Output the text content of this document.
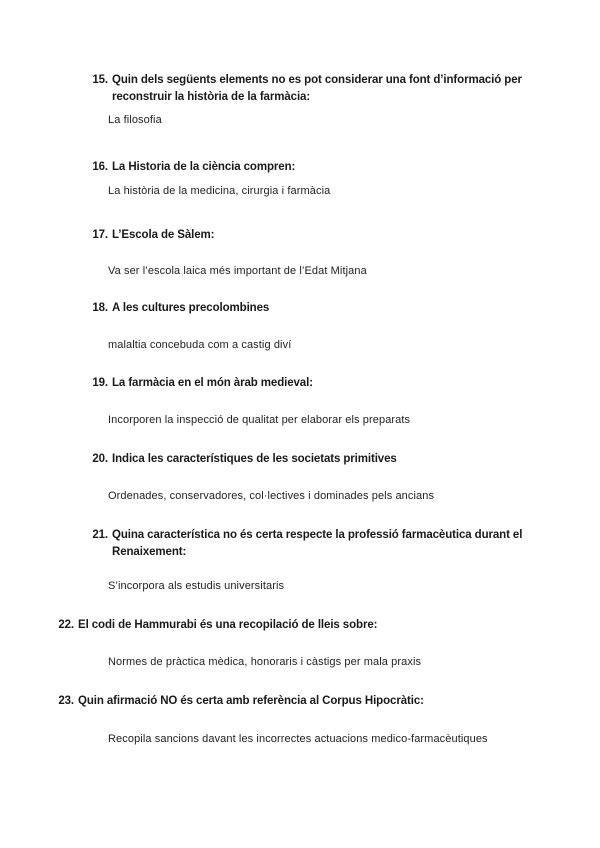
15. Quin dels següents elements no es pot considerar una font d’informació per reconstruir la història de la farmàcia:
La filosofia
16. La Historia de la ciència compren:
La història de la medicina, cirurgia i farmàcia
17. L’Escola de Sàlem:
Va ser l’escola laica més important de l’Edat Mitjana
18. A les cultures precolombines
malaltia concebuda com a castig diví
19. La farmàcia en el món àrab medieval:
Incorporen la inspecció de qualitat per elaborar els preparats
20. Indica les característiques de les societats primitives
Ordenades, conservadores, col·lectives i dominades pels ancians
21. Quina característica no és certa respecte la professió farmacèutica durant el Renaixement:
S’incorpora als estudis universitaris
22. El codi de Hammurabi és una recopilació de lleis sobre:
Normes de pràctica mèdica, honoraris i càstigs per mala praxis
23. Quin afirmació NO és certa amb referència al Corpus Hipocràtic:
Recopila sancions davant les incorrectes actuacions medico-farmacèutiques
